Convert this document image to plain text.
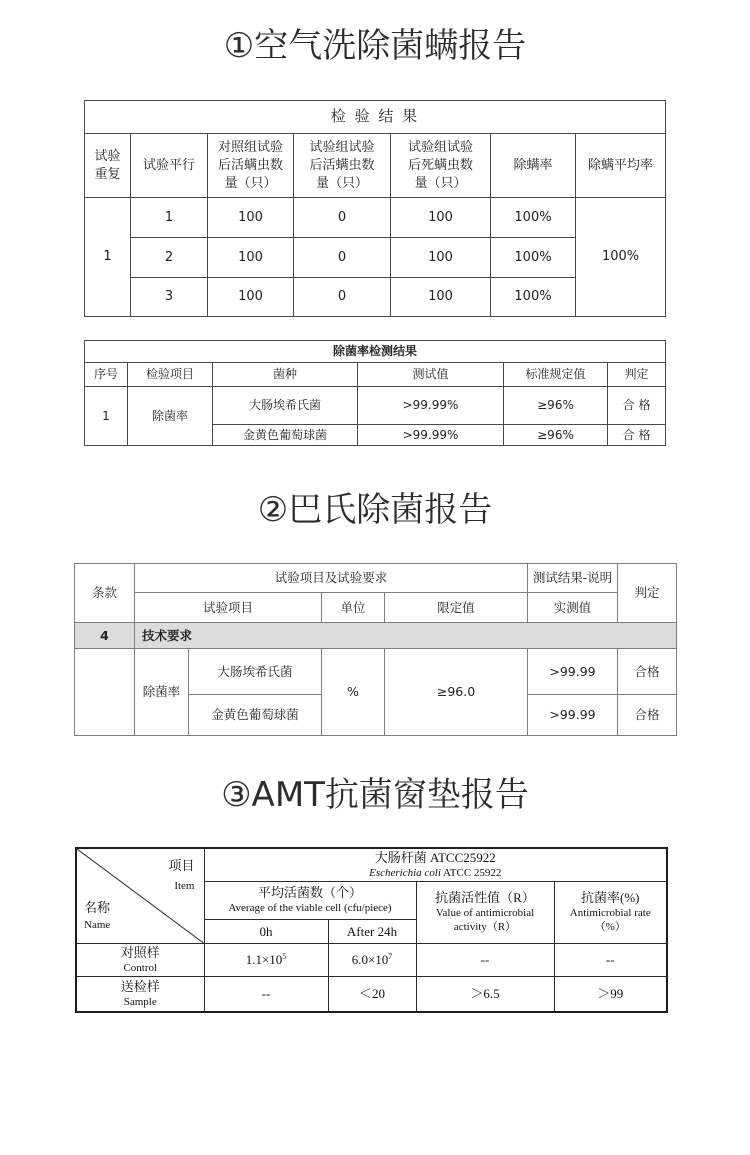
①空气洗除菌螨报告
检 验 结 果						
试验
重复	试验平行	对照组试验
后活螨虫数
量（只）	试验组试验
后活螨虫数
量（只）	试验组试验
后死螨虫数
量（只）	除螨率	除螨平均率
1	1	100	0	100	100%	100%
	2	100	0	100	100%	
	3	100	0	100	100%	
除菌率检测结果					
序号	检验项目	菌种	测试值	标准规定值	判定
1	除菌率	大肠埃希氏菌	>99.99%	≥96%	合 格
		金黄色葡萄球菌	>99.99%	≥96%	合 格
②巴氏除菌报告
条款	试验项目及试验要求				测试结果-说明	判定
	试验项目		单位	限定值	实测值	
4	技术要求					
	除菌率	大肠埃希氏菌	%	≥96.0	>99.99	合格
		金黄色葡萄球菌			>99.99	合格
③AMT抗菌窗垫报告
项目
Item
名称
Name	大肠杆菌 ATCC25922
Escherichia coli ATCC 25922			

	平均活菌数（个）
Average of the viable cell (cfu/piece)		抗菌活性值（R）
Value of antimicrobial
activity（R）	抗菌率(%)
Antimicrobial rate
（%）

	0h	After 24h		

对照样
Control	$1.1\times 10^5$	$6.0\times 10^7$	--	--

送检样
Sample	--	＜20	＞6.5	＞99
